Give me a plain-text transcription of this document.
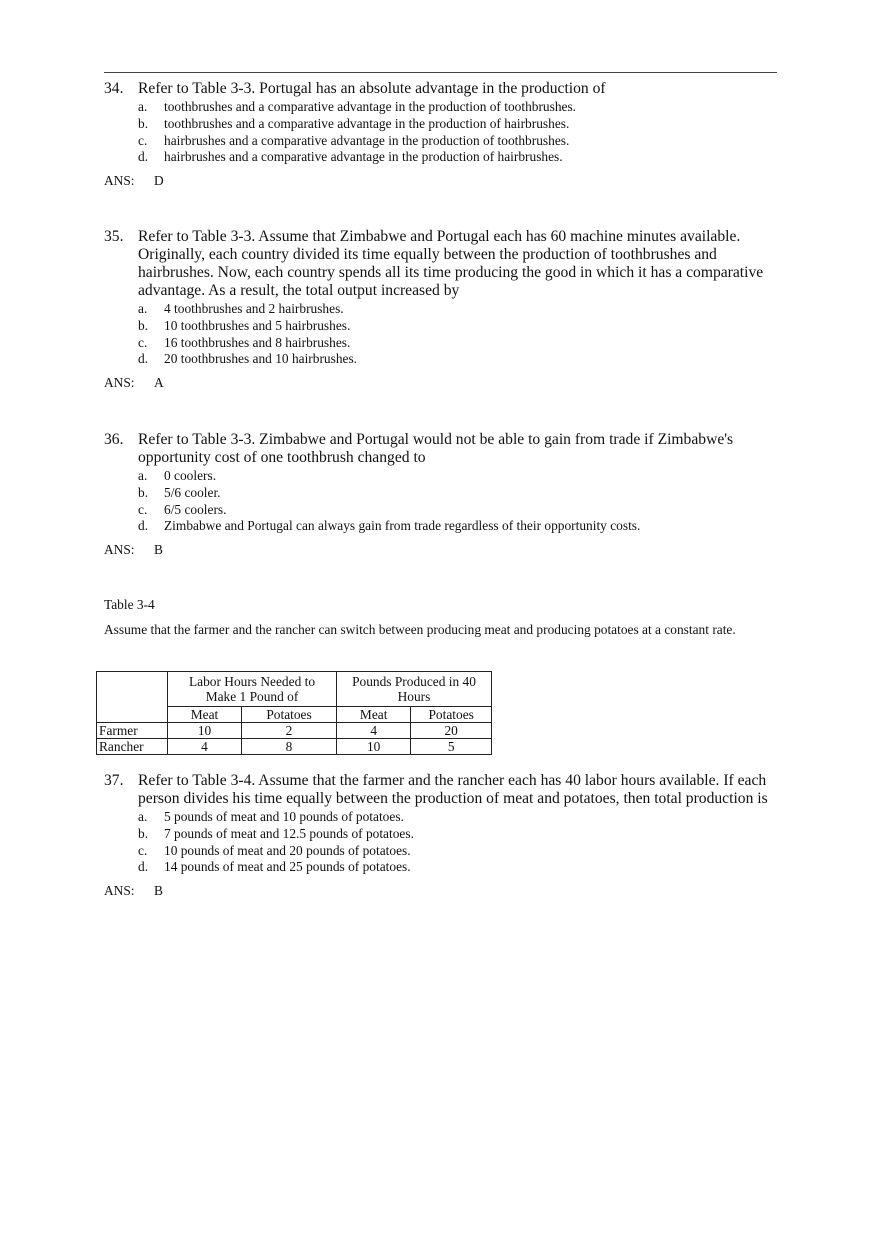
34. Refer to Table 3-3. Portugal has an absolute advantage in the production of
a.	toothbrushes and a comparative advantage in the production of toothbrushes.
b.	toothbrushes and a comparative advantage in the production of hairbrushes.
c.	hairbrushes and a comparative advantage in the production of toothbrushes.
d.	hairbrushes and a comparative advantage in the production of hairbrushes.
ANS: D
35. Refer to Table 3-3. Assume that Zimbabwe and Portugal each has 60 machine minutes available. Originally, each country divided its time equally between the production of toothbrushes and hairbrushes. Now, each country spends all its time producing the good in which it has a comparative advantage. As a result, the total output increased by
a.	4 toothbrushes and 2 hairbrushes.
b.	10 toothbrushes and 5 hairbrushes.
c.	16 toothbrushes and 8 hairbrushes.
d.	20 toothbrushes and 10 hairbrushes.
ANS: A
36. Refer to Table 3-3. Zimbabwe and Portugal would not be able to gain from trade if Zimbabwe's opportunity cost of one toothbrush changed to
a.	0 coolers.
b.	5/6 cooler.
c.	6/5 coolers.
d.	Zimbabwe and Portugal can always gain from trade regardless of their opportunity costs.
ANS: B
Table 3-4
Assume that the farmer and the rancher can switch between producing meat and producing potatoes at a constant rate.
	Labor Hours Needed to Make 1 Pound of		Pounds Produced in 40 Hours	
	Meat	Potatoes	Meat	Potatoes
Farmer	10	2	4	20
Rancher	4	8	10	5
37. Refer to Table 3-4. Assume that the farmer and the rancher each has 40 labor hours available. If each person divides his time equally between the production of meat and potatoes, then total production is
a.	5 pounds of meat and 10 pounds of potatoes.
b.	7 pounds of meat and 12.5 pounds of potatoes.
c.	10 pounds of meat and 20 pounds of potatoes.
d.	14 pounds of meat and 25 pounds of potatoes.
ANS: B
